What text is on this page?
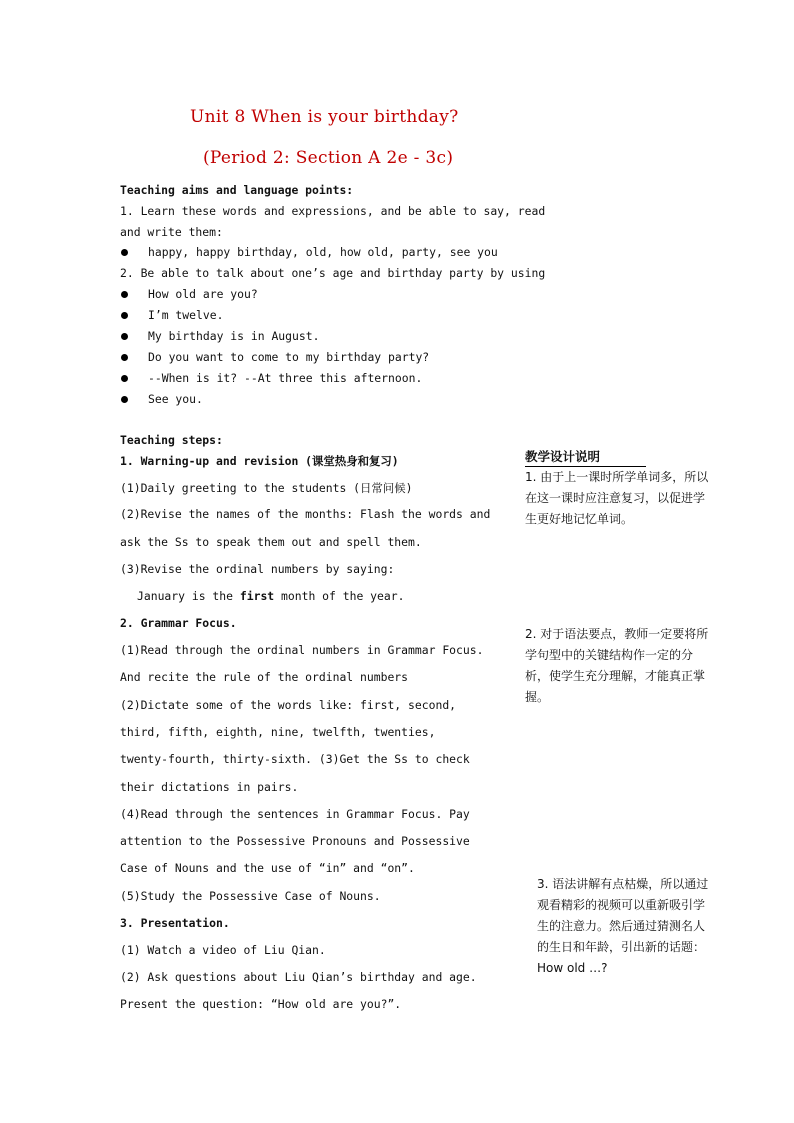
Unit 8 When is your birthday?
(Period 2: Section A 2e - 3c)
Teaching aims and language points:
1. Learn these words and expressions, and be able to say, read
and write them:
happy, happy birthday, old, how old, party, see you
2. Be able to talk about one’s age and birthday party by using
How old are you?
I’m twelve.
My birthday is in August.
Do you want to come to my birthday party?
--When is it? --At three this afternoon.
See you.
Teaching steps:
1. Warning-up and revision (课堂热身和复习)
(1)Daily greeting to the students (日常问候)
(2)Revise the names of the months: Flash the words and
ask the Ss to speak them out and spell them.
(3)Revise the ordinal numbers by saying:
January is the first month of the year.
2. Grammar Focus.
(1)Read through the ordinal numbers in Grammar Focus.
And recite the rule of the ordinal numbers
(2)Dictate some of the words like: first, second,
third, fifth, eighth, nine, twelfth, twenties,
twenty-fourth, thirty-sixth. (3)Get the Ss to check
their dictations in pairs.
(4)Read through the sentences in Grammar Focus. Pay
attention to the Possessive Pronouns and Possessive
Case of Nouns and the use of “in” and “on”.
(5)Study the Possessive Case of Nouns.
3. Presentation.
(1) Watch a video of Liu Qian.
(2) Ask questions about Liu Qian’s birthday and age.
Present the question: “How old are you?”.
教学设计说明
1. 由于上一课时所学单词多，所以在这一课时应注意复习，以促进学生更好地记忆单词。
2. 对于语法要点，教师一定要将所学句型中的关键结构作一定的分析，使学生充分理解，才能真正掌握。
3. 语法讲解有点枯燥，所以通过观看精彩的视频可以重新吸引学生的注意力。然后通过猜测名人的生日和年龄，引出新的话题：How old …?
